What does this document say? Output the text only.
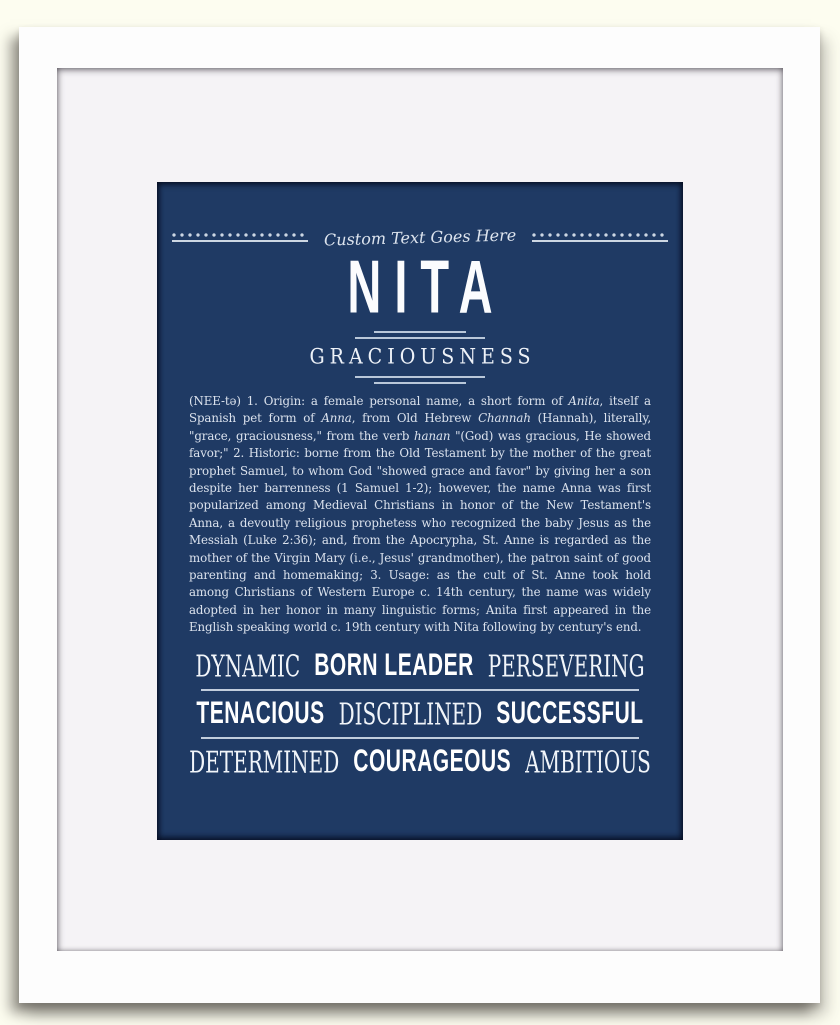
Custom Text Goes Here
NITA
GRACIOUSNESS

(NEE-tə) 1. Origin: a female personal name, a short form of Anita, itself a Spanish pet form of Anna, from Old Hebrew Channah (Hannah), literally, "grace, graciousness," from the verb hanan "(God) was gracious, He showed favor;" 2. Historic: borne from the Old Testament by the mother of the great prophet Samuel, to whom God "showed grace and favor" by giving her a son despite her barrenness (1 Samuel 1-2); however, the name Anna was first popularized among Medieval Christians in honor of the New Testament's Anna, a devoutly religious prophetess who recognized the baby Jesus as the Messiah (Luke 2:36); and, from the Apocrypha, St. Anne is regarded as the mother of the Virgin Mary (i.e., Jesus' grandmother), the patron saint of good parenting and homemaking; 3. Usage: as the cult of St. Anne took hold among Christians of Western Europe c. 14th century, the name was widely adopted in her honor in many linguistic forms; Anita first appeared in the English speaking world c. 19th century with Nita following by century's end.

DYNAMIC BORN LEADER PERSEVERING
TENACIOUS DISCIPLINED SUCCESSFUL
DETERMINED COURAGEOUS AMBITIOUS
